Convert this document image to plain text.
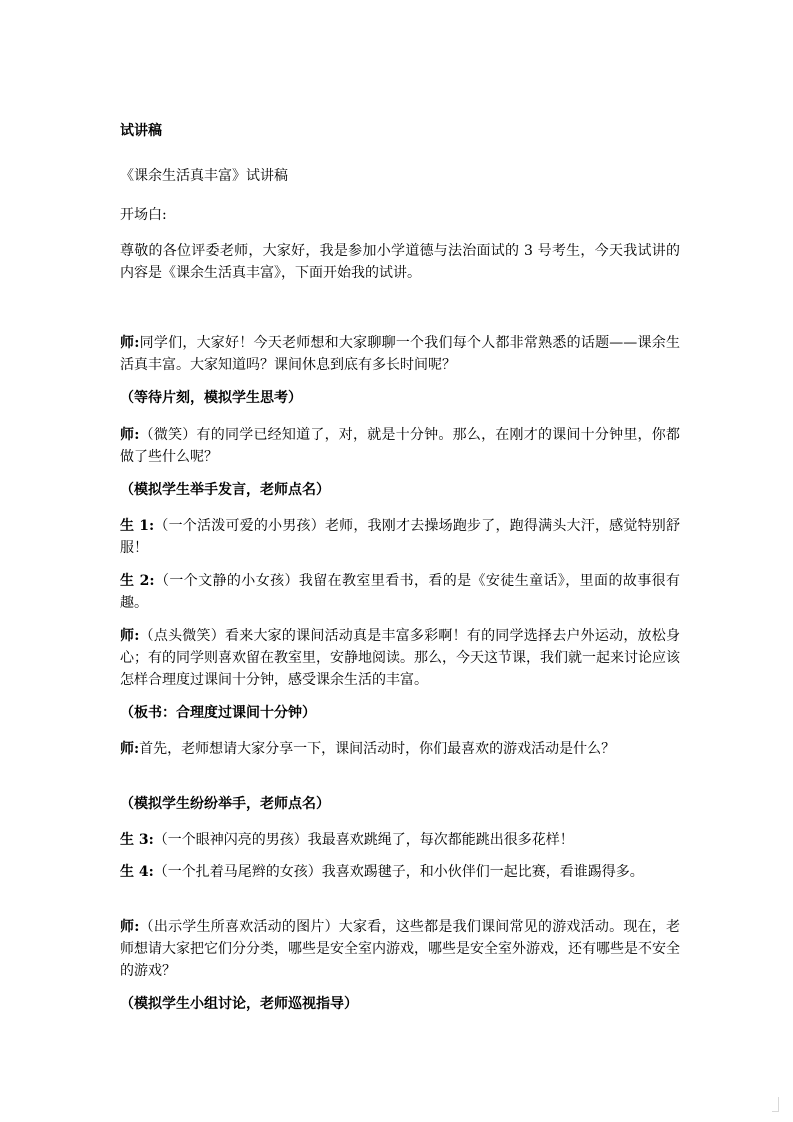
试讲稿

《课余生活真丰富》试讲稿

开场白:

尊敬的各位评委老师，大家好，我是参加小学道德与法治面试的 3 号考生，今天我试讲的内容是《课余生活真丰富》，下面开始我的试讲。

师:同学们，大家好！今天老师想和大家聊聊一个我们每个人都非常熟悉的话题——课余生活真丰富。大家知道吗？课间休息到底有多长时间呢？

（等待片刻，模拟学生思考）

师:（微笑）有的同学已经知道了，对，就是十分钟。那么，在刚才的课间十分钟里，你都做了些什么呢？

（模拟学生举手发言，老师点名）

生 1:（一个活泼可爱的小男孩）老师，我刚才去操场跑步了，跑得满头大汗，感觉特别舒服！

生 2:（一个文静的小女孩）我留在教室里看书，看的是《安徒生童话》，里面的故事很有趣。

师:（点头微笑）看来大家的课间活动真是丰富多彩啊！有的同学选择去户外运动，放松身心；有的同学则喜欢留在教室里，安静地阅读。那么，今天这节课，我们就一起来讨论应该怎样合理度过课间十分钟，感受课余生活的丰富。

（板书：合理度过课间十分钟）

师:首先，老师想请大家分享一下，课间活动时，你们最喜欢的游戏活动是什么？

（模拟学生纷纷举手，老师点名）

生 3:（一个眼神闪亮的男孩）我最喜欢跳绳了，每次都能跳出很多花样！

生 4:（一个扎着马尾辫的女孩）我喜欢踢毽子，和小伙伴们一起比赛，看谁踢得多。

师:（出示学生所喜欢活动的图片）大家看，这些都是我们课间常见的游戏活动。现在，老师想请大家把它们分分类，哪些是安全室内游戏，哪些是安全室外游戏，还有哪些是不安全的游戏？

（模拟学生小组讨论，老师巡视指导）
